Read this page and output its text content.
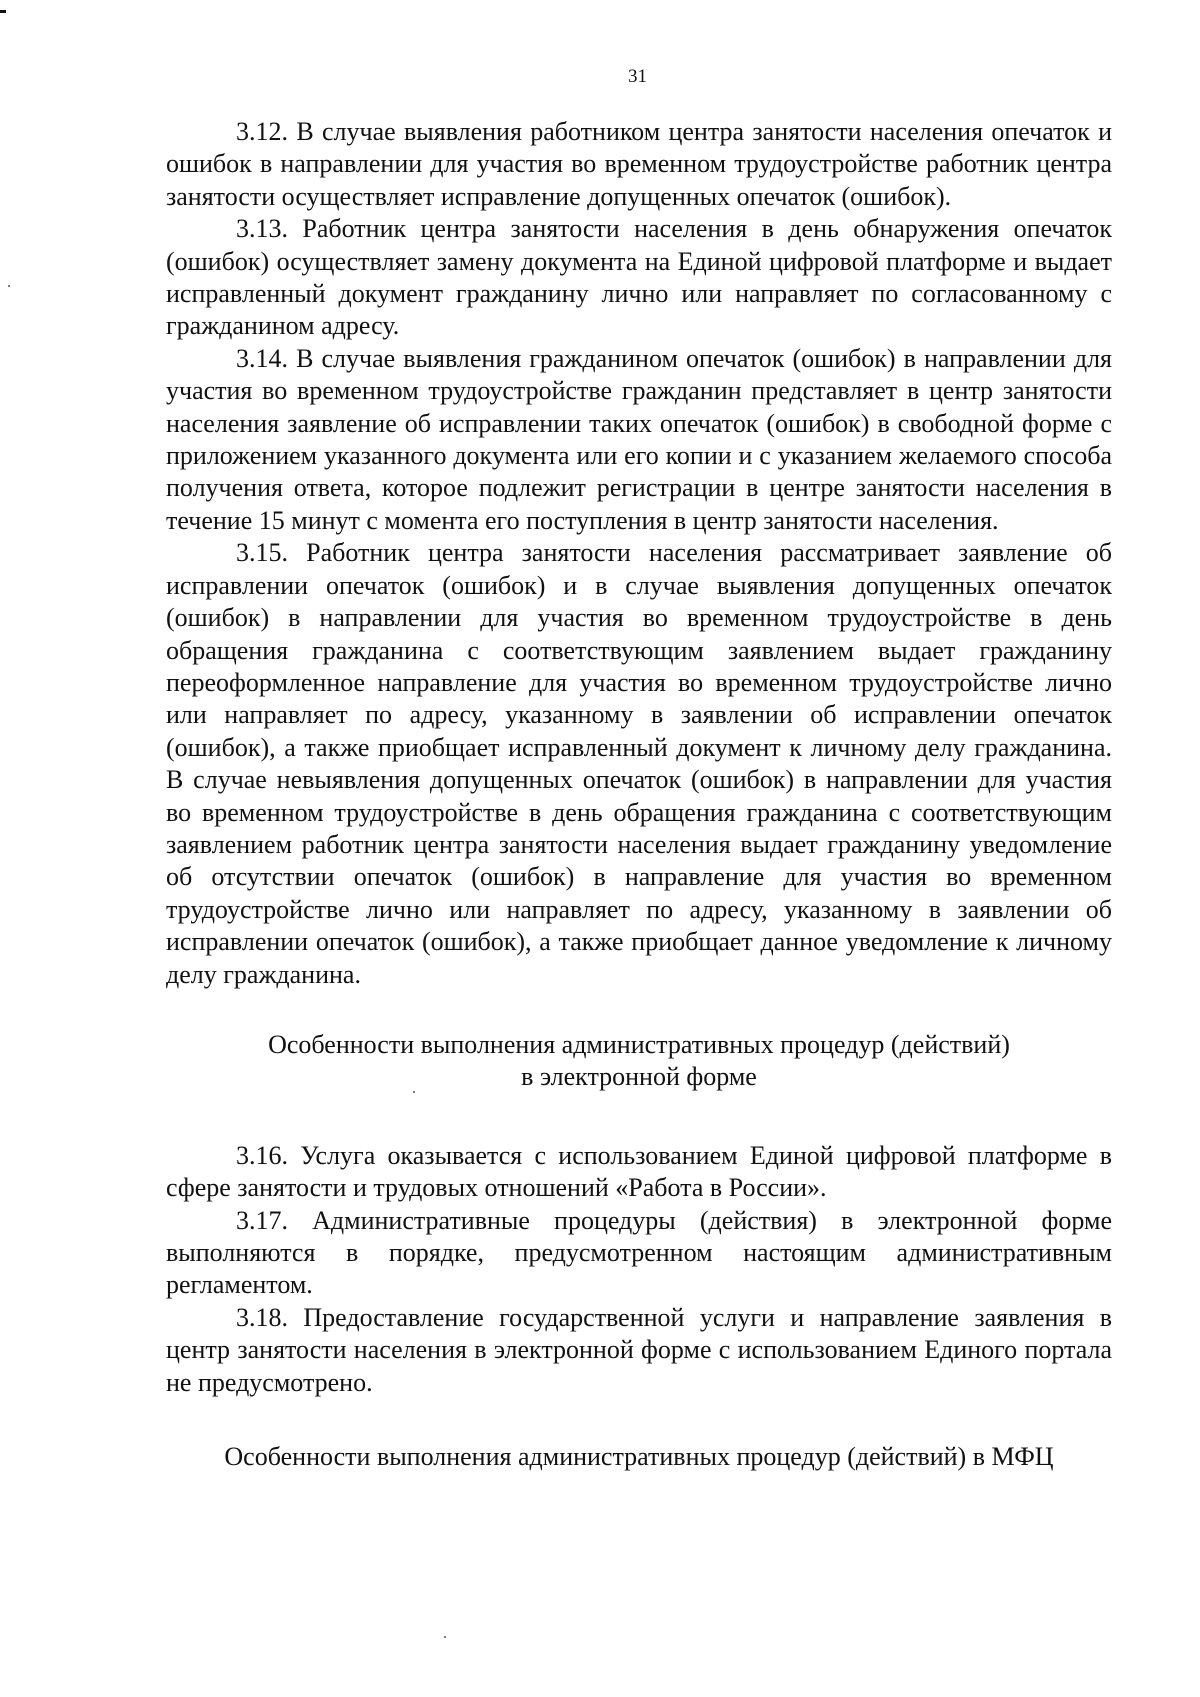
31

3.12. В случае выявления работником центра занятости населения опечаток и ошибок в направлении для участия во временном трудоустройстве работник центра занятости осуществляет исправление допущенных опечаток (ошибок).

3.13. Работник центра занятости населения в день обнаружения опечаток (ошибок) осуществляет замену документа на Единой цифровой платформе и выдает исправленный документ гражданину лично или направляет по согласованному с гражданином адресу.

3.14. В случае выявления гражданином опечаток (ошибок) в направлении для участия во временном трудоустройстве гражданин представляет в центр занятости населения заявление об исправлении таких опечаток (ошибок) в свободной форме с приложением указанного документа или его копии и с указанием желаемого способа получения ответа, которое подлежит регистрации в центре занятости населения в течение 15 минут с момента его поступления в центр занятости населения.

3.15. Работник центра занятости населения рассматривает заявление об исправлении опечаток (ошибок) и в случае выявления допущенных опечаток (ошибок) в направлении для участия во временном трудоустройстве в день обращения гражданина с соответствующим заявлением выдает гражданину переоформленное направление для участия во временном трудоустройстве лично или направляет по адресу, указанному в заявлении об исправлении опечаток (ошибок), а также приобщает исправленный документ к личному делу гражданина. В случае невыявления допущенных опечаток (ошибок) в направлении для участия во временном трудоустройстве в день обращения гражданина с соответствующим заявлением работник центра занятости населения выдает гражданину уведомление об отсутствии опечаток (ошибок) в направление для участия во временном трудоустройстве лично или направляет по адресу, указанному в заявлении об исправлении опечаток (ошибок), а также приобщает данное уведомление к личному делу гражданина.

Особенности выполнения административных процедур (действий)
в электронной форме

3.16. Услуга оказывается с использованием Единой цифровой платформе в сфере занятости и трудовых отношений «Работа в России».

3.17. Административные процедуры (действия) в электронной форме выполняются в порядке, предусмотренном настоящим административным регламентом.

3.18. Предоставление государственной услуги и направление заявления в центр занятости населения в электронной форме с использованием Единого портала не предусмотрено.

Особенности выполнения административных процедур (действий) в МФЦ
